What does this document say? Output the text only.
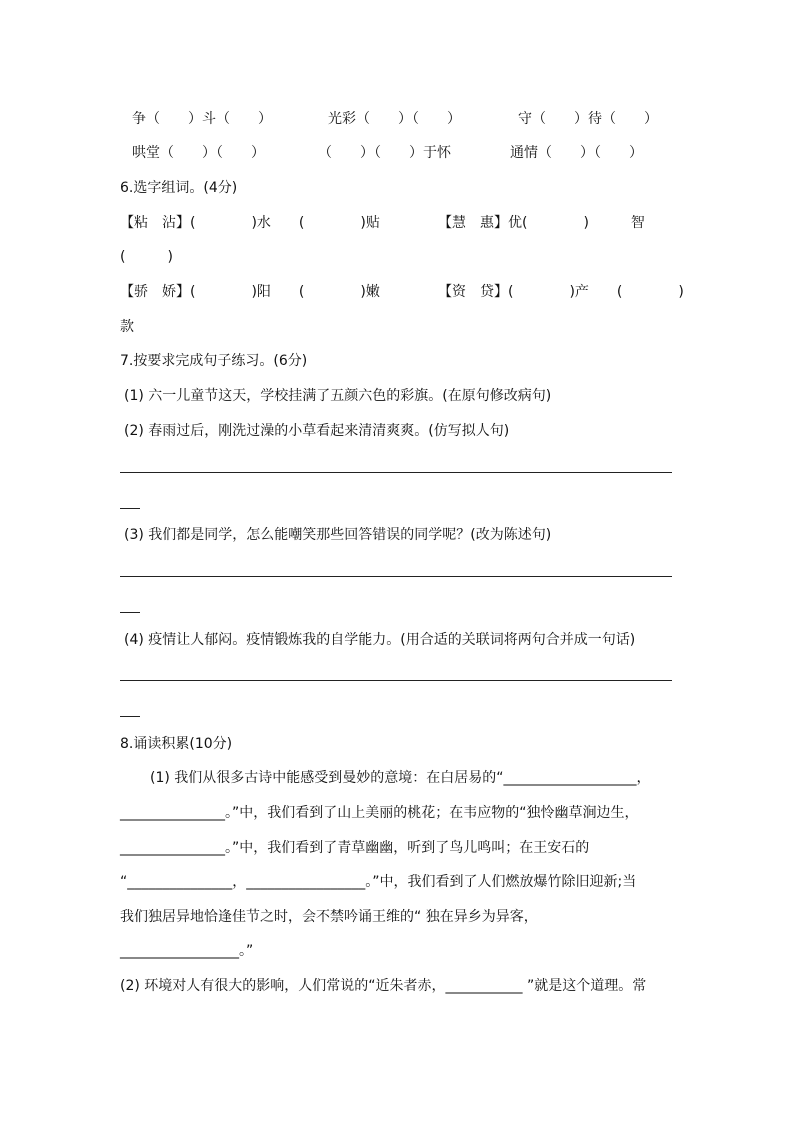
争（　　）斗（　　）	光彩（　　）（　　）	守（　　）待（　　）
哄堂（　　）（　　）	（　　）（　　）于怀	通情（　　）（　　）
6.选字组词。(4分)
【粘　沾】(　　　　)水　　(　　　　)贴	【慧　惠】优(　　　　)　　　智
(　　　)
【骄　娇】(　　　　)阳　　(　　　　)嫩	【资　贷】(　　　　)产　　(　　　　)
款
7.按要求完成句子练习。(6分)
(1) 六一儿童节这天，学校挂满了五颜六色的彩旗。(在原句修改病句)
(2) 春雨过后，刚洗过澡的小草看起来清清爽爽。(仿写拟人句)
(3) 我们都是同学，怎么能嘲笑那些回答错误的同学呢？(改为陈述句)
(4) 疫情让人郁闷。疫情锻炼我的自学能力。(用合适的关联词将两句合并成一句话)
8.诵读积累(10分)
(1) 我们从很多古诗中能感受到曼妙的意境：在白居易的“___________________，
_______________。”中，我们看到了山上美丽的桃花；在韦应物的“独怜幽草涧边生，
_______________。”中，我们看到了青草幽幽，听到了鸟儿鸣叫；在王安石的
“_______________，_________________。”中，我们看到了人们燃放爆竹除旧迎新;当
我们独居异地恰逢佳节之时，会不禁吟诵王维的“ 独在异乡为异客，
_________________。”
(2) 环境对人有很大的影响，人们常说的“近朱者赤，___________ ”就是这个道理。常
